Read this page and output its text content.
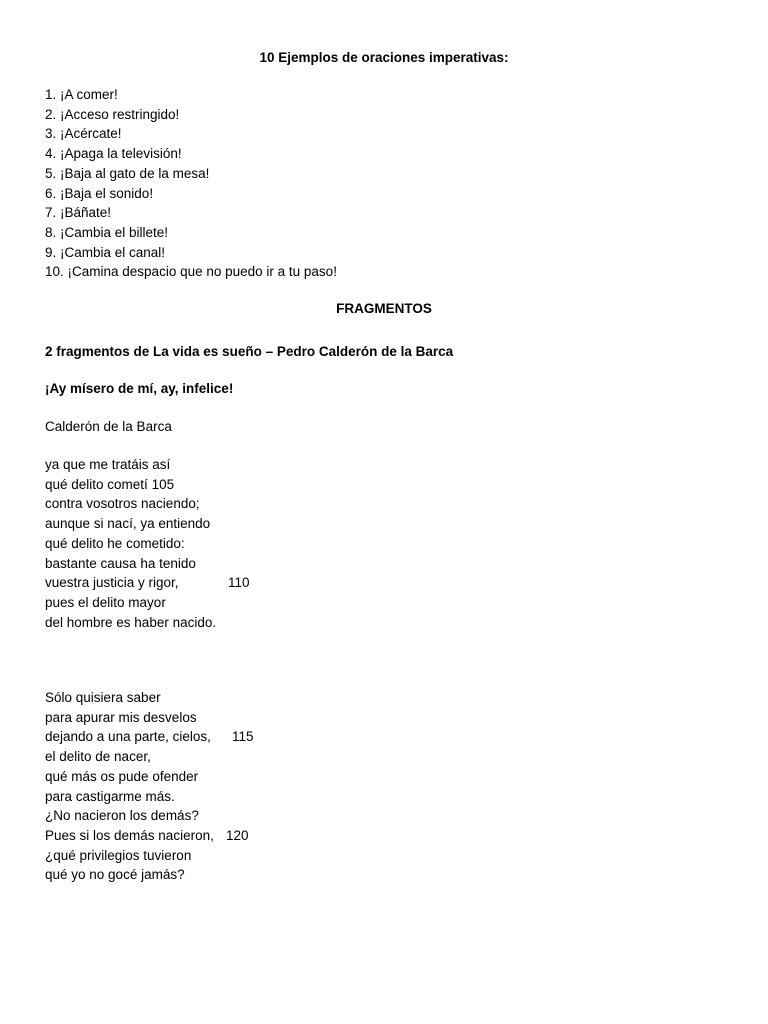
10 Ejemplos de oraciones imperativas:

1. ¡A comer!
2. ¡Acceso restringido!
3. ¡Acércate!
4. ¡Apaga la televisión!
5. ¡Baja al gato de la mesa!
6. ¡Baja el sonido!
7. ¡Báñate!
8. ¡Cambia el billete!
9. ¡Cambia el canal!
10. ¡Camina despacio que no puedo ir a tu paso!

FRAGMENTOS

2 fragmentos de La vida es sueño – Pedro Calderón de la Barca

¡Ay mísero de mí, ay, infelice!

Calderón de la Barca

ya que me tratáis así
qué delito cometí 105
contra vosotros naciendo;
aunque si nací, ya entiendo
qué delito he cometido:
bastante causa ha tenido
vuestra justicia y rigor,	110
pues el delito mayor
del hombre es haber nacido.
Sólo quisiera saber
para apurar mis desvelos
dejando a una parte, cielos, 115
el delito de nacer,
qué más os pude ofender
para castigarme más.
¿No nacieron los demás?
Pues si los demás nacieron, 120
¿qué privilegios tuvieron
qué yo no gocé jamás?
